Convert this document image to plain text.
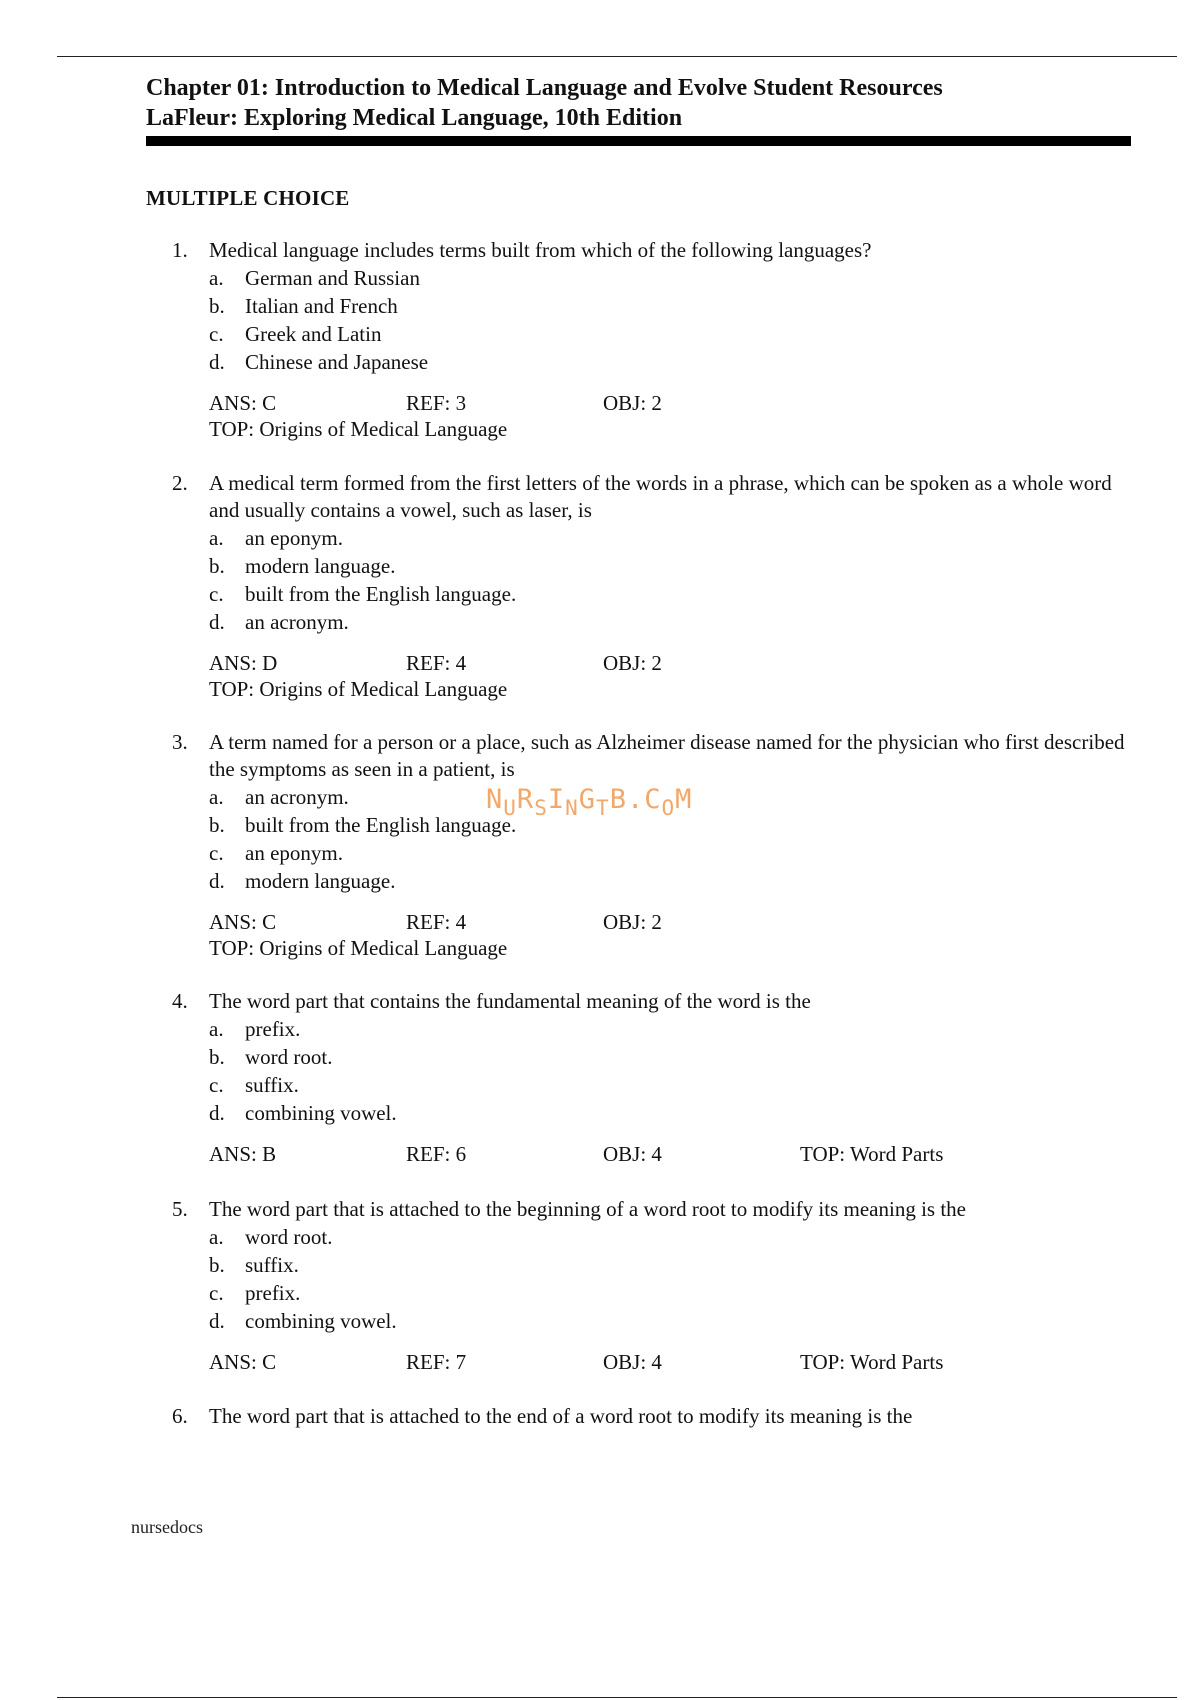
Chapter 01: Introduction to Medical Language and Evolve Student Resources
LaFleur: Exploring Medical Language, 10th Edition
MULTIPLE CHOICE
1.	Medical language includes terms built from which of the following languages?
a.	German and Russian
b. Italian and French
c.	Greek and Latin
d. Chinese and Japanese
ANS: C	REF: 3	OBJ: 2
TOP: Origins of Medical Language
2.	A medical term formed from the first letters of the words in a phrase, which can be spoken as a whole word and usually contains a vowel, such as laser, is
a.	an eponym.
b. modern language.
c.	built from the English language.
d. an acronym.
ANS: D	REF: 4	OBJ: 2
TOP: Origins of Medical Language
3.	A term named for a person or a place, such as Alzheimer disease named for the physician who first described the symptoms as seen in a patient, is
a.	an acronym.
b. built from the English language.
c.	an eponym.
d. modern language.
ANS: C	REF: 4	OBJ: 2
TOP: Origins of Medical Language
4.	The word part that contains the fundamental meaning of the word is the
a.	prefix.
b. word root.
c.	suffix.
d. combining vowel.
ANS: B	REF: 6	OBJ: 4	TOP: Word Parts
5.	The word part that is attached to the beginning of a word root to modify its meaning is the
a.	word root.
b. suffix.
c.	prefix.
d. combining vowel.
ANS: C	REF: 7	OBJ: 4	TOP: Word Parts
6.	The word part that is attached to the end of a word root to modify its meaning is the
$N_UR_SI_NG_TB.C_OM$
nursedocs
